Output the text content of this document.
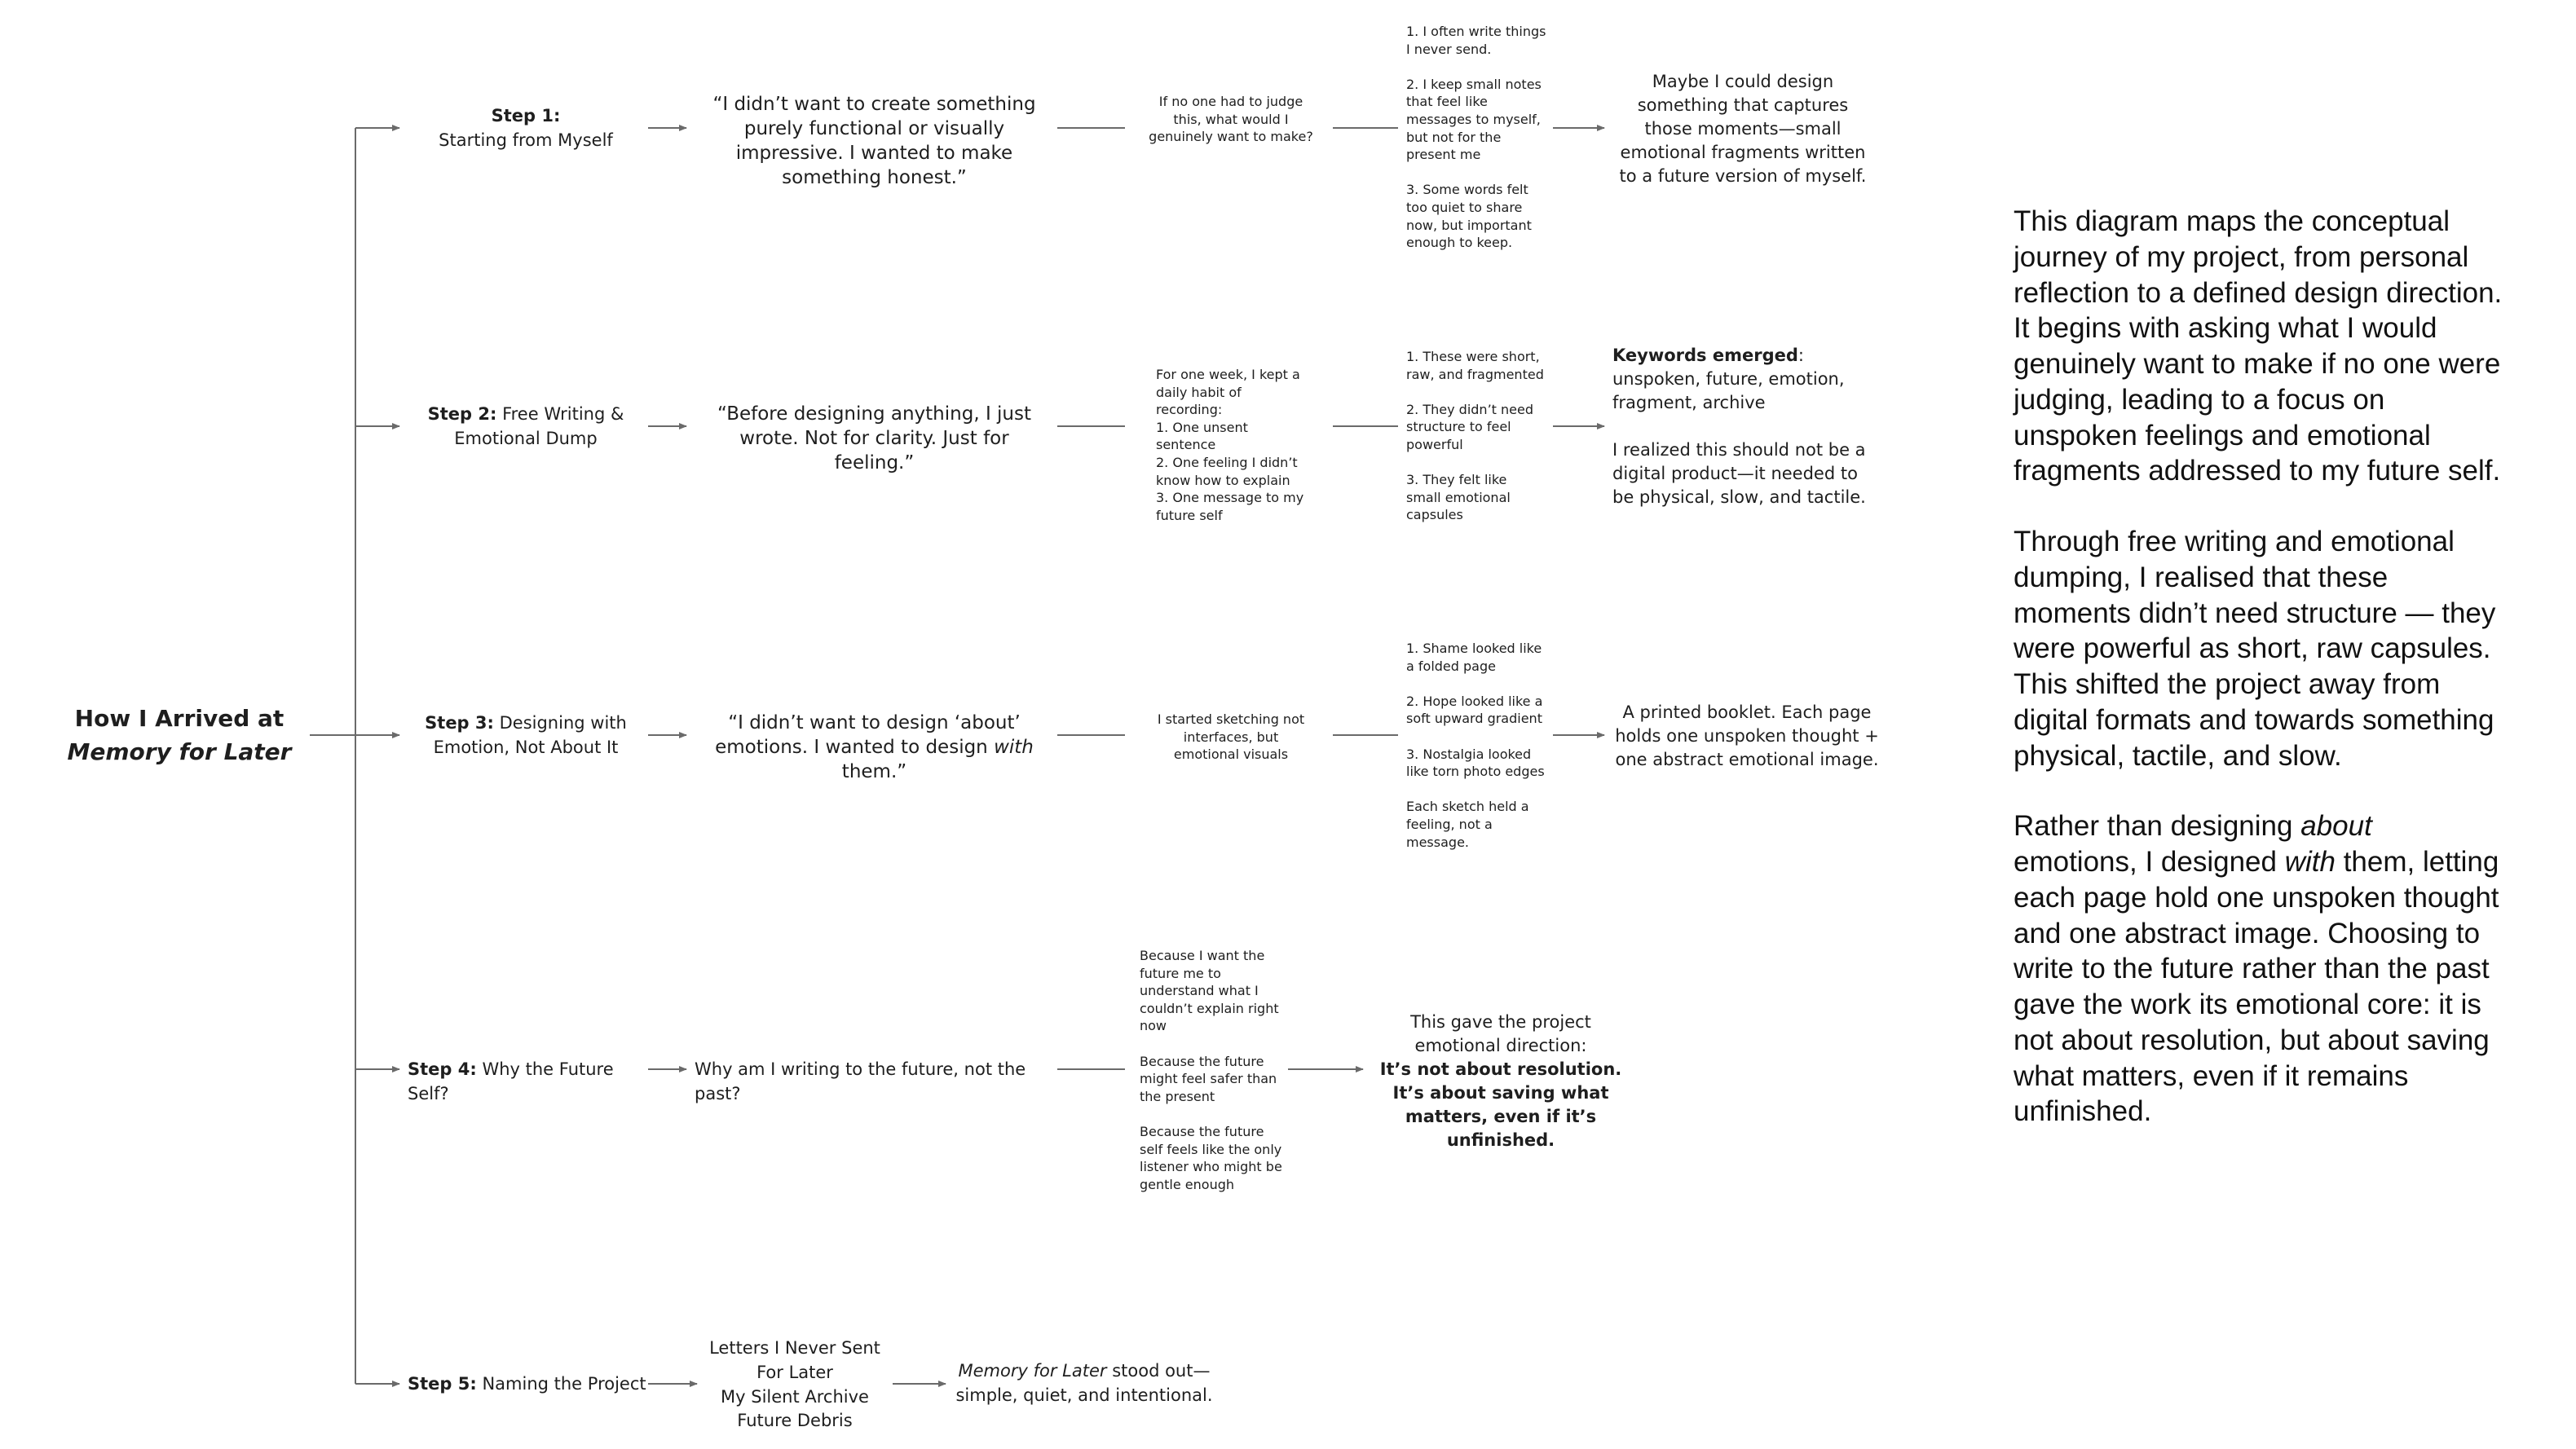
How I Arrived at
Memory for Later
Step 1:
Starting from Myself
“I didn’t want to create something purely functional or visually impressive. I wanted to make something honest.”
If no one had to judge this, what would I genuinely want to make?
1. I often write things I never send.

2. I keep small notes that feel like messages to myself, but not for the present me

3. Some words felt too quiet to share now, but important enough to keep.
Maybe I could design something that captures those moments—small emotional fragments written to a future version of myself.
Step 2: Free Writing & Emotional Dump
“Before designing anything, I just wrote. Not for clarity. Just for feeling.”
For one week, I kept a daily habit of recording:
1. One unsent sentence
2. One feeling I didn’t know how to explain
3. One message to my future self
1. These were short, raw, and fragmented

2. They didn’t need structure to feel powerful

3. They felt like small emotional capsules
Keywords emerged:
unspoken, future, emotion, fragment, archive
I realized this should not be a digital product—it needed to be physical, slow, and tactile.
Step 3: Designing with
Emotion, Not About It
“I didn’t want to design ‘about’ emotions. I wanted to design with them.”
I started sketching not interfaces, but emotional visuals
1. Shame looked like a folded page

2. Hope looked like a soft upward gradient

3. Nostalgia looked like torn photo edges

Each sketch held a feeling, not a message.
A printed booklet. Each page holds one unspoken thought + one abstract emotional image.
Step 4: Why the Future Self?
Why am I writing to the future, not the past?
Because I want the future me to understand what I couldn’t explain right now

Because the future might feel safer than the present

Because the future self feels like the only listener who might be gentle enough
This gave the project emotional direction:
It’s not about resolution. It’s about saving what matters, even if it’s unfinished.
Step 5: Naming the Project
Letters I Never Sent
For Later
My Silent Archive
Future Debris
Memory for Later stood out—simple, quiet, and intentional.

This diagram maps the conceptual journey of my project, from personal reflection to a defined design direction. It begins with asking what I would genuinely want to make if no one were judging, leading to a focus on unspoken feelings and emotional fragments addressed to my future self.

Through free writing and emotional dumping, I realised that these moments didn’t need structure — they were powerful as short, raw capsules. This shifted the project away from digital formats and towards something physical, tactile, and slow.

Rather than designing about emotions, I designed with them, letting each page hold one unspoken thought and one abstract image. Choosing to write to the future rather than the past gave the work its emotional core: it is not about resolution, but about saving what matters, even if it remains unfinished.
